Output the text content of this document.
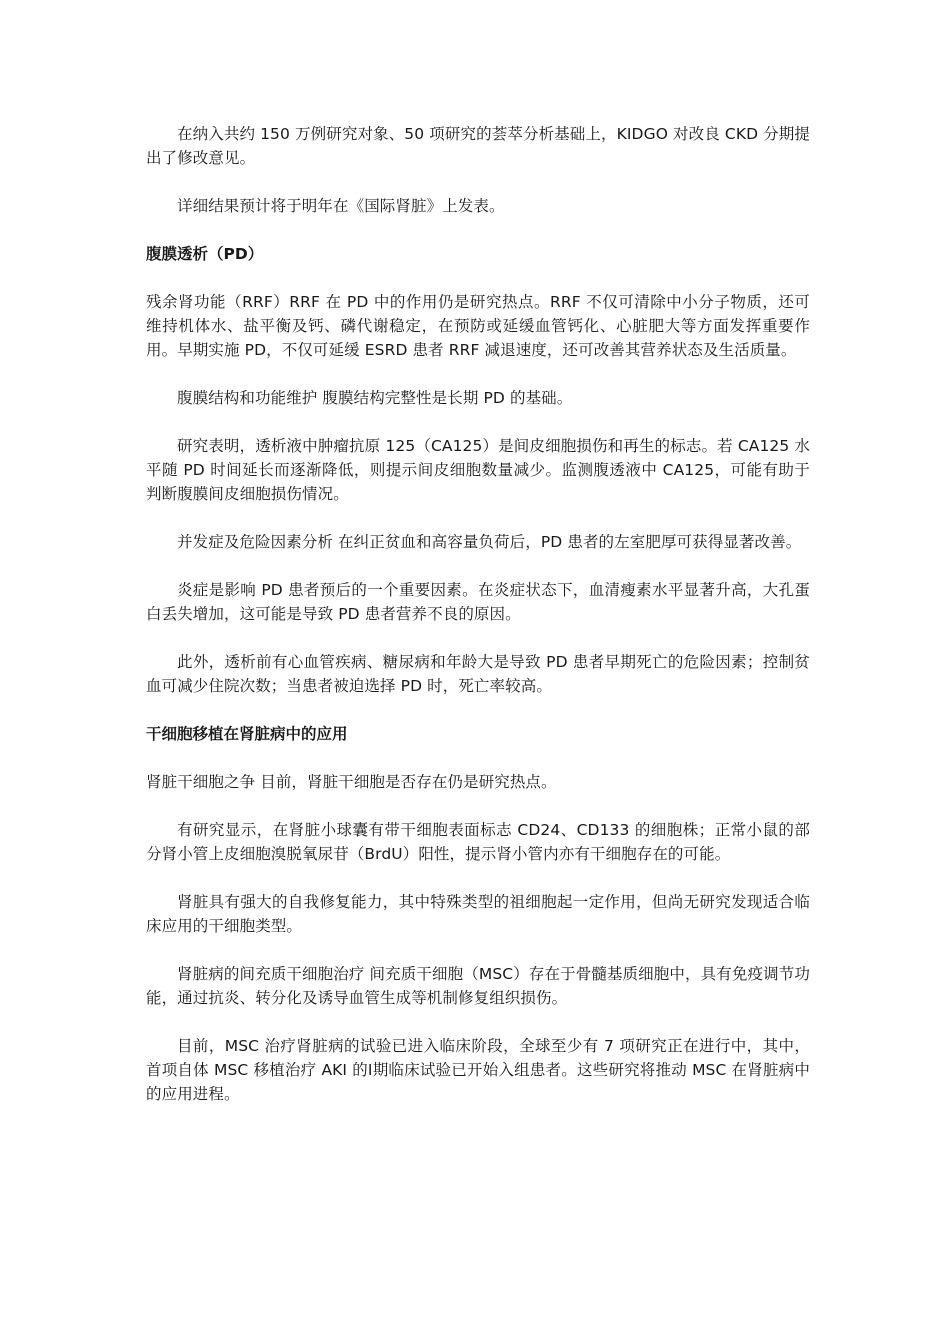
在纳入共约 150 万例研究对象、50 项研究的荟萃分析基础上，KIDGO 对改良 CKD 分期提出了修改意见。

详细结果预计将于明年在《国际肾脏》上发表。

腹膜透析（PD）

残余肾功能（RRF）RRF 在 PD 中的作用仍是研究热点。RRF 不仅可清除中小分子物质，还可维持机体水、盐平衡及钙、磷代谢稳定，在预防或延缓血管钙化、心脏肥大等方面发挥重要作用。早期实施 PD，不仅可延缓 ESRD 患者 RRF 减退速度，还可改善其营养状态及生活质量。

腹膜结构和功能维护 腹膜结构完整性是长期 PD 的基础。

研究表明，透析液中肿瘤抗原 125（CA125）是间皮细胞损伤和再生的标志。若 CA125 水平随 PD 时间延长而逐渐降低，则提示间皮细胞数量减少。监测腹透液中 CA125，可能有助于判断腹膜间皮细胞损伤情况。

并发症及危险因素分析 在纠正贫血和高容量负荷后，PD 患者的左室肥厚可获得显著改善。

炎症是影响 PD 患者预后的一个重要因素。在炎症状态下，血清瘦素水平显著升高，大孔蛋白丢失增加，这可能是导致 PD 患者营养不良的原因。

此外，透析前有心血管疾病、糖尿病和年龄大是导致 PD 患者早期死亡的危险因素；控制贫血可减少住院次数；当患者被迫选择 PD 时，死亡率较高。

干细胞移植在肾脏病中的应用

肾脏干细胞之争 目前，肾脏干细胞是否存在仍是研究热点。

有研究显示，在肾脏小球囊有带干细胞表面标志 CD24、CD133 的细胞株；正常小鼠的部分肾小管上皮细胞溴脱氧尿苷（BrdU）阳性，提示肾小管内亦有干细胞存在的可能。

肾脏具有强大的自我修复能力，其中特殊类型的祖细胞起一定作用，但尚无研究发现适合临床应用的干细胞类型。

肾脏病的间充质干细胞治疗 间充质干细胞（MSC）存在于骨髓基质细胞中，具有免疫调节功能，通过抗炎、转分化及诱导血管生成等机制修复组织损伤。

目前，MSC 治疗肾脏病的试验已进入临床阶段，全球至少有 7 项研究正在进行中，其中，首项自体 MSC 移植治疗 AKI 的Ⅰ期临床试验已开始入组患者。这些研究将推动 MSC 在肾脏病中的应用进程。
